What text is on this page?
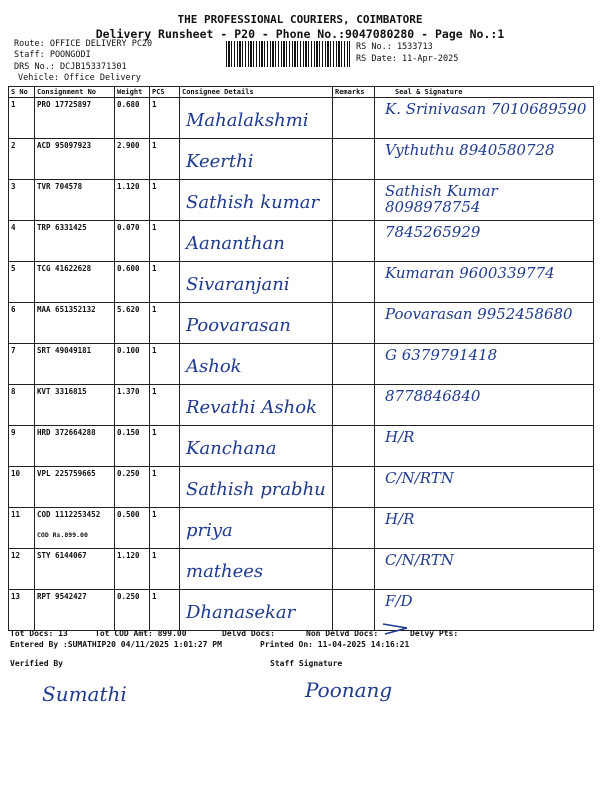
THE PROFESSIONAL COURIERS, COIMBATORE
Delivery Runsheet - P20 - Phone No.:9047080280 - Page No.:1
Route: OFFICE DELIVERY PC20
Staff: POONGODI
DRS No.: DCJB153371301
Vehicle: Office Delivery
RS No.: 1533713
RS Date: 11-Apr-2025
S No	Consignment No	Weight	PCS	Consignee Details	Remarks	Seal & Signature
1	PRO 17725897	0.680	1	Mahalakshmi		K. Srinivasan 7010689590

2	ACD 95097923	2.900	1	Keerthi		Vythuthu 8940580728

3	TVR 704578	1.120	1	Sathish kumar		Sathish Kumar 8098978754

4	TRP 6331425	0.070	1	Aananthan		7845265929

5	TCG 41622628	0.600	1	Sivaranjani		Kumaran 9600339774

6	MAA 651352132	5.620	1	Poovarasan		Poovarasan 9952458680

7	SRT 49049181	0.100	1	Ashok		G 6379791418

8	KVT 3316815	1.370	1	Revathi Ashok		8778846840

9	HRD 372664288	0.150	1	Kanchana		H/R

10	VPL 225759665	0.250	1	Sathish prabhu		C/N/RTN

11	COD 1112253452
COD Rs.899.00	0.500	1	priya		H/R

12	STY 6144067	1.120	1	mathees		C/N/RTN

13	RPT 9542427	0.250	1	Dhanasekar		F/D
Tot Docs: 13	Tot COD Amt: 899.00	Delvd Docs:	Non Delvd Docs:	Delvy Pts:
Entered By :SUMATHIP20 04/11/2025 1:01:27 PM	Printed On: 11-04-2025 14:16:21
Verified By	Staff Signature
Sumathi	Poonang
